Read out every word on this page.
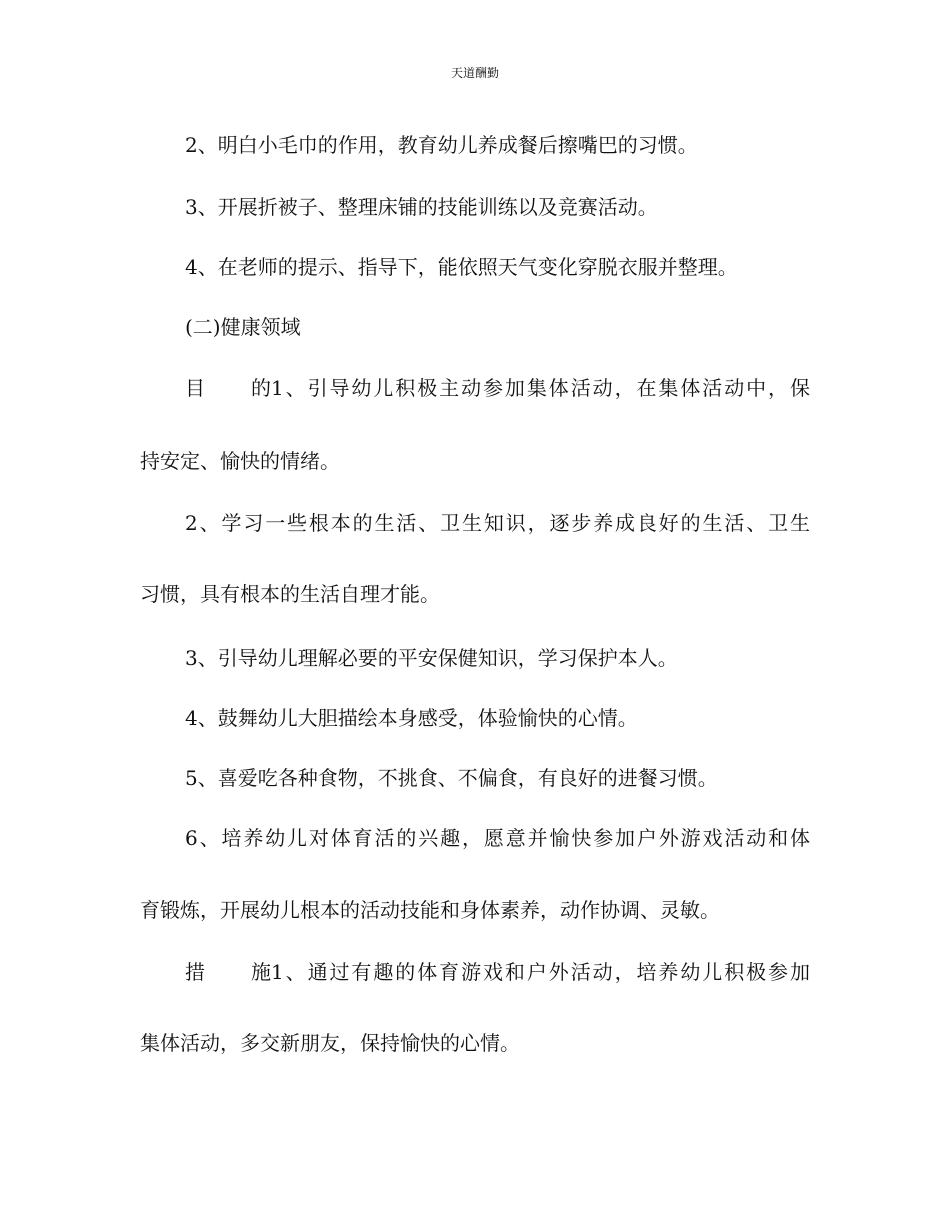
天道酬勤
2、明白小毛巾的作用，教育幼儿养成餐后擦嘴巴的习惯。
3、开展折被子、整理床铺的技能训练以及竞赛活动。
4、在老师的提示、指导下，能依照天气变化穿脱衣服并整理。
(二)健康领域
目的1、引导幼儿积极主动参加集体活动，在集体活动中，保
持安定、愉快的情绪。
2、学习一些根本的生活、卫生知识，逐步养成良好的生活、卫生
习惯，具有根本的生活自理才能。
3、引导幼儿理解必要的平安保健知识，学习保护本人。
4、鼓舞幼儿大胆描绘本身感受，体验愉快的心情。
5、喜爱吃各种食物，不挑食、不偏食，有良好的进餐习惯。
6、培养幼儿对体育活的兴趣，愿意并愉快参加户外游戏活动和体
育锻炼，开展幼儿根本的活动技能和身体素养，动作协调、灵敏。
措施1、通过有趣的体育游戏和户外活动，培养幼儿积极参加
集体活动，多交新朋友，保持愉快的心情。
